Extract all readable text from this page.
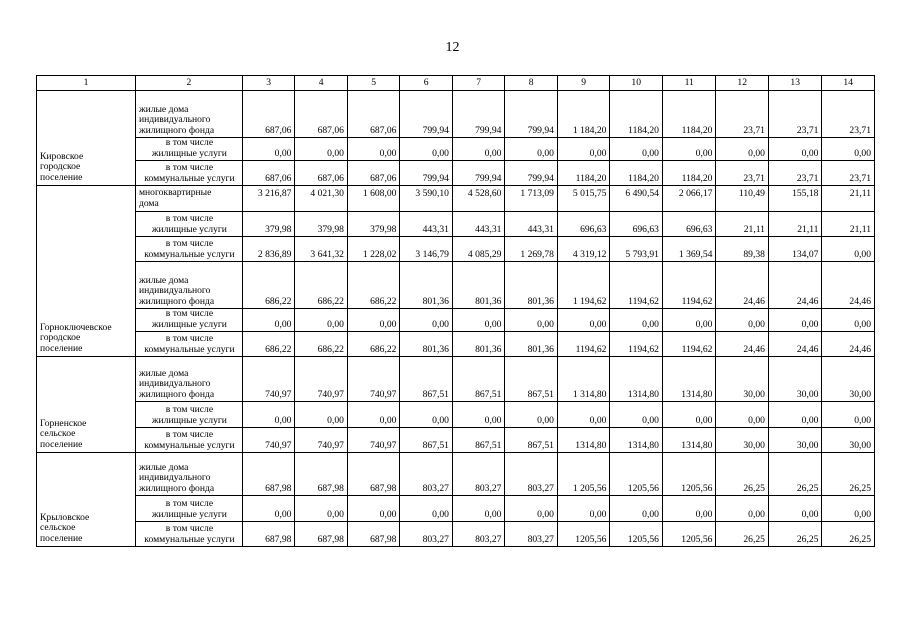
12
1	2	3	4	5	6	7	8	9	10	11	12	13	14

Кировское
городское
поселение	жилые дома
индивидуального
жилищного фонда	687,06	687,06	687,06	799,94	799,94	799,94	1 184,20	1184,20	1184,20	23,71	23,71	23,71

	в том числе
жилищные услуги	0,00	0,00	0,00	0,00	0,00	0,00	0,00	0,00	0,00	0,00	0,00	0,00

	в том числе
коммунальные услуги	687,06	687,06	687,06	799,94	799,94	799,94	1184,20	1184,20	1184,20	23,71	23,71	23,71

Горноключевское
городское
поселение	многоквартирные
дома	3 216,87	4 021,30	1 608,00	3 590,10	4 528,60	1 713,09	5 015,75	6 490,54	2 066,17	110,49	155,18	21,11

	в том числе
жилищные услуги	379,98	379,98	379,98	443,31	443,31	443,31	696,63	696,63	696,63	21,11	21,11	21,11

	в том числе
коммунальные услуги	2 836,89	3 641,32	1 228,02	3 146,79	4 085,29	1 269,78	4 319,12	5 793,91	1 369,54	89,38	134,07	0,00

	жилые дома
индивидуального
жилищного фонда	686,22	686,22	686,22	801,36	801,36	801,36	1 194,62	1194,62	1194,62	24,46	24,46	24,46

	в том числе
жилищные услуги	0,00	0,00	0,00	0,00	0,00	0,00	0,00	0,00	0,00	0,00	0,00	0,00

	в том числе
коммунальные услуги	686,22	686,22	686,22	801,36	801,36	801,36	1194,62	1194,62	1194,62	24,46	24,46	24,46

Горненское
сельское
поселение	жилые дома
индивидуального
жилищного фонда	740,97	740,97	740,97	867,51	867,51	867,51	1 314,80	1314,80	1314,80	30,00	30,00	30,00

	в том числе
жилищные услуги	0,00	0,00	0,00	0,00	0,00	0,00	0,00	0,00	0,00	0,00	0,00	0,00

	в том числе
коммунальные услуги	740,97	740,97	740,97	867,51	867,51	867,51	1314,80	1314,80	1314,80	30,00	30,00	30,00

Крыловское
сельское
поселение	жилые дома
индивидуального
жилищного фонда	687,98	687,98	687,98	803,27	803,27	803,27	1 205,56	1205,56	1205,56	26,25	26,25	26,25

	в том числе
жилищные услуги	0,00	0,00	0,00	0,00	0,00	0,00	0,00	0,00	0,00	0,00	0,00	0,00

	в том числе
коммунальные услуги	687,98	687,98	687,98	803,27	803,27	803,27	1205,56	1205,56	1205,56	26,25	26,25	26,25
